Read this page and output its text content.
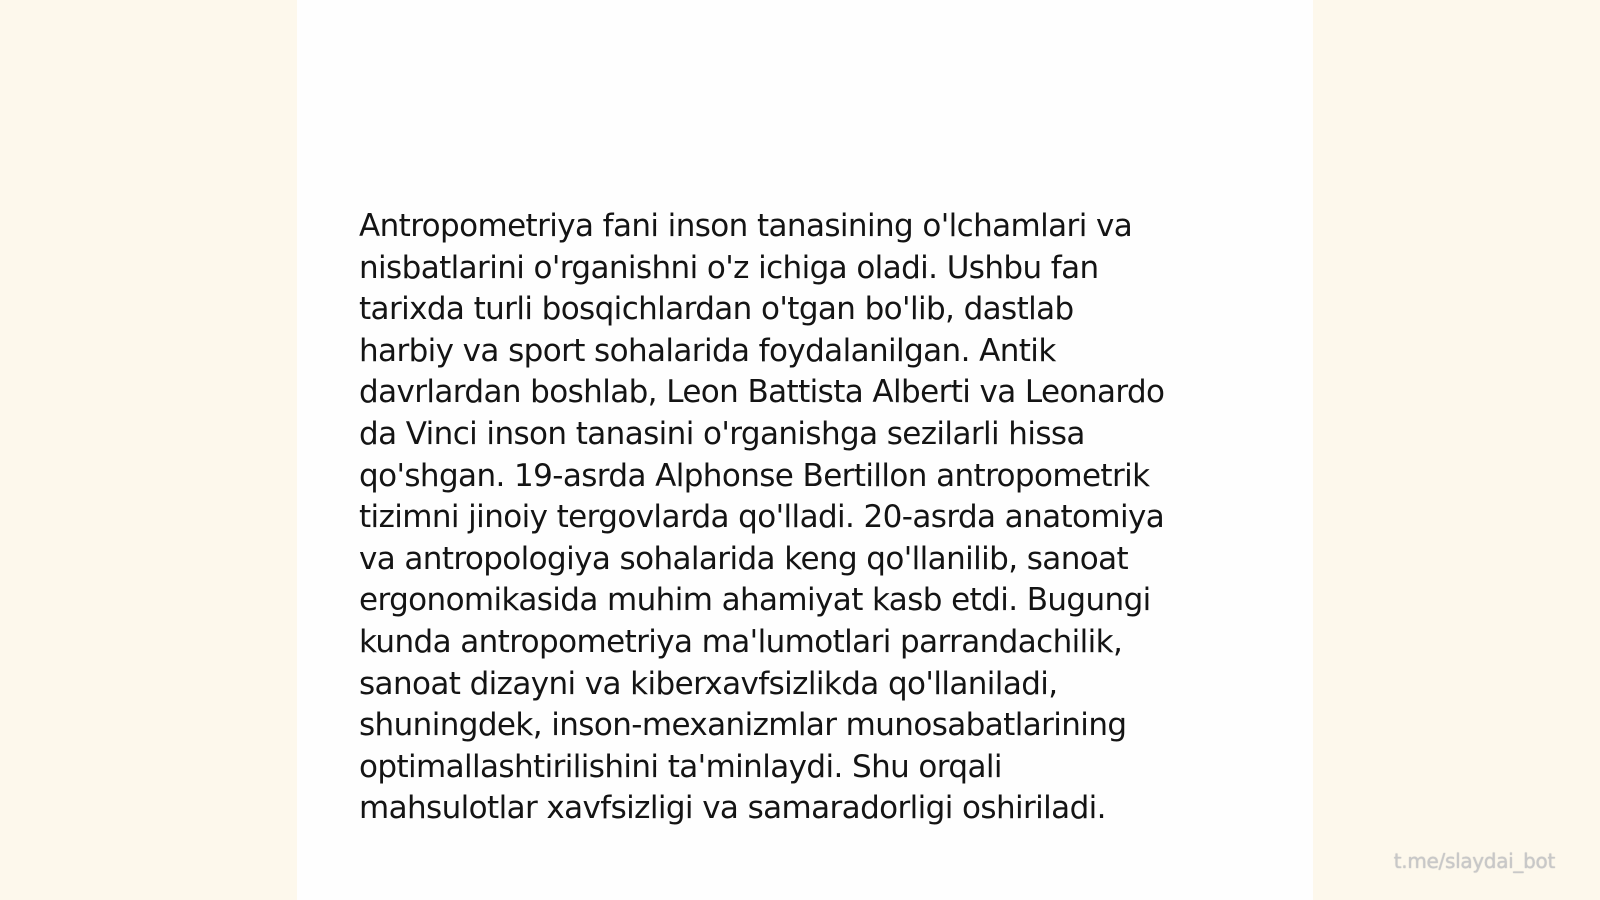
Antropometriya fani inson tanasining o'lchamlari va
nisbatlarini o'rganishni o'z ichiga oladi. Ushbu fan
tarixda turli bosqichlardan o'tgan bo'lib, dastlab
harbiy va sport sohalarida foydalanilgan. Antik
davrlardan boshlab, Leon Battista Alberti va Leonardo
da Vinci inson tanasini o'rganishga sezilarli hissa
qo'shgan. 19-asrda Alphonse Bertillon antropometrik
tizimni jinoiy tergovlarda qo'lladi. 20-asrda anatomiya
va antropologiya sohalarida keng qo'llanilib, sanoat
ergonomikasida muhim ahamiyat kasb etdi. Bugungi
kunda antropometriya ma'lumotlari parrandachilik,
sanoat dizayni va kiberxavfsizlikda qo'llaniladi,
shuningdek, inson-mexanizmlar munosabatlarining
optimallashtirilishini ta'minlaydi. Shu orqali
mahsulotlar xavfsizligi va samaradorligi oshiriladi.

t.me/slaydai_bot
